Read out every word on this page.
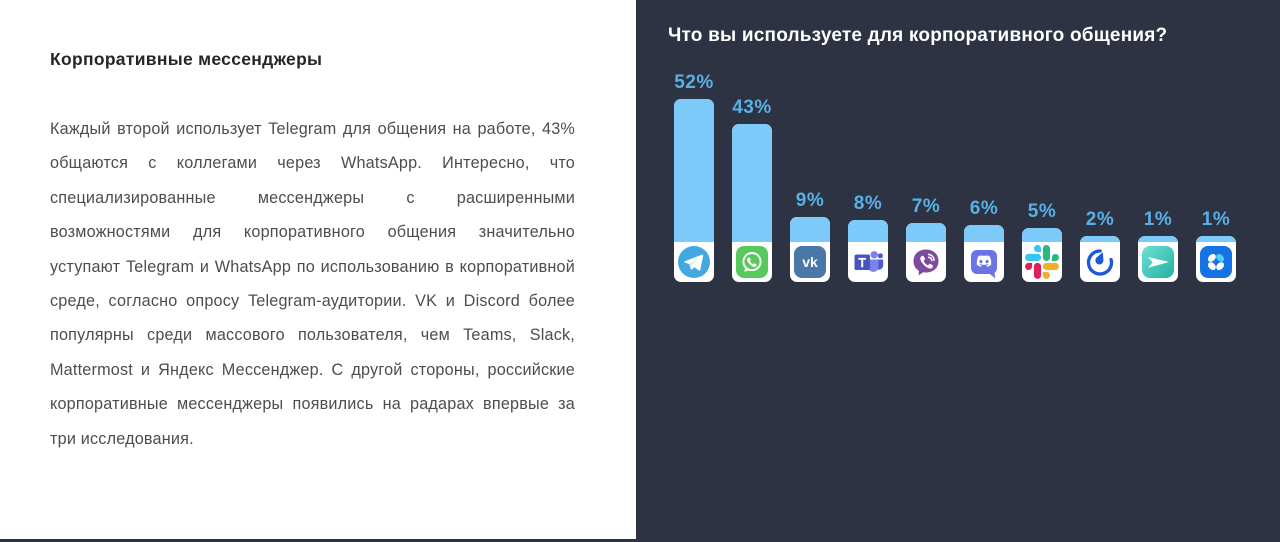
Корпоративные мессенджеры

Каждый второй использует Telegram для общения на работе, 43% общаются с коллегами через WhatsApp. Интересно, что специализированные мессенджеры с расширенными возможностями для корпоративного общения значительно уступают Telegram и WhatsApp по использованию в корпоративной среде, согласно опросу Telegram-аудитории. VK и Discord более популярны среди массового пользователя, чем Teams, Slack, Mattermost и Яндекс Мессенджер. С другой стороны, российские корпоративные мессенджеры появились на радарах впервые за три исследования.

Что вы используете для корпоративного общения?
52%
43%
9%
vk
8% 7% 6% 5% 2% 1% 1%
